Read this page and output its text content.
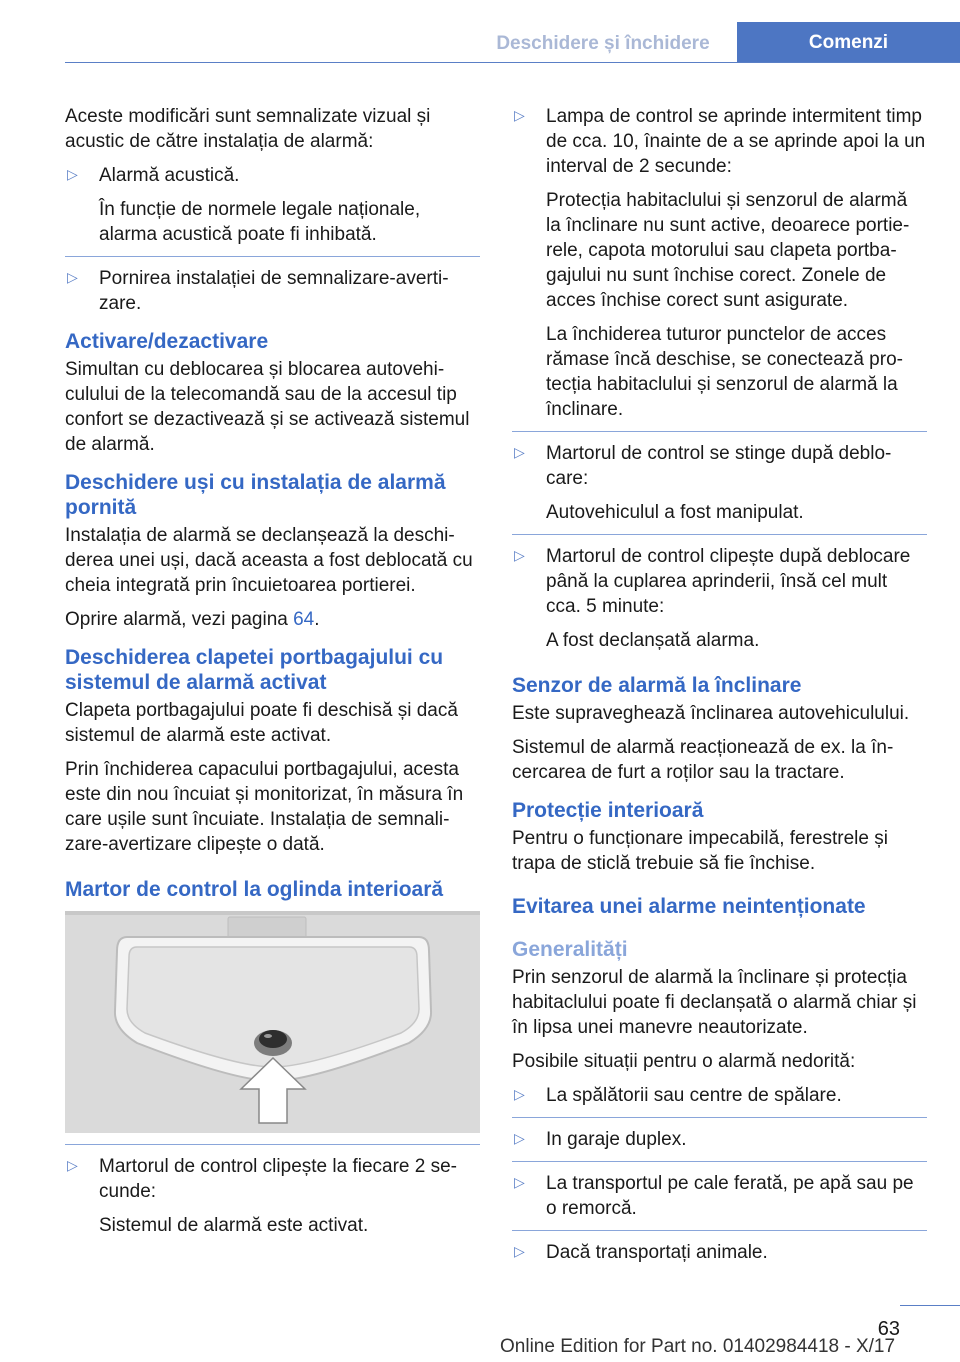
Deschidere și închidere	Comenzi

Aceste modificări sunt semnalizate vizual și acustic de către instalația de alarmă:

▷ Alarmă acustică.

În funcție de normele legale naționale, alarma acustică poate fi inhibată.

▷ Pornirea instalației de semnalizare-avertizare.

Activare/dezactivare

Simultan cu deblocarea și blocarea autovehiculului de la telecomandă sau de la accesul tip confort se dezactivează și se activează sistemul de alarmă.

Deschidere uși cu instalația de alarmă pornită

Instalația de alarmă se declanșează la deschiderea unei uși, dacă aceasta a fost deblocată cu cheia integrată prin încuietoarea portierei.

Oprire alarmă, vezi pagina 64.

Deschiderea clapetei portbagajului cu sistemul de alarmă activat

Clapeta portbagajului poate fi deschisă și dacă sistemul de alarmă este activat.

Prin închiderea capacului portbagajului, acesta este din nou încuiat și monitorizat, în măsura în care ușile sunt încuiate. Instalația de semnalizare-avertizare clipește o dată.

Martor de control la oglinda interioară
▷ Martorul de control clipește la fiecare 2 secunde:

Sistemul de alarmă este activat.

▷ Lampa de control se aprinde intermitent timp de cca. 10, înainte de a se aprinde apoi la un interval de 2 secunde:

Protecția habitaclului și senzorul de alarmă la înclinare nu sunt active, deoarece portierele, capota motorului sau clapeta portbagajului nu sunt închise corect. Zonele de acces închise corect sunt asigurate.

La închiderea tuturor punctelor de acces rămase încă deschise, se conectează protecția habitaclului și senzorul de alarmă la înclinare.

▷ Martorul de control se stinge după deblocare:

Autovehiculul a fost manipulat.

▷ Martorul de control clipește după deblocare până la cuplarea aprinderii, însă cel mult cca. 5 minute:

A fost declanșată alarma.

Senzor de alarmă la înclinare

Este supraveghează înclinarea autovehiculului.

Sistemul de alarmă reacționează de ex. la încercarea de furt a roților sau la tractare.

Protecție interioară

Pentru o funcționare impecabilă, ferestrele și trapa de sticlă trebuie să fie închise.

Evitarea unei alarme neintenționate
Generalități

Prin senzorul de alarmă la înclinare și protecția habitaclului poate fi declanșată o alarmă chiar și în lipsa unei manevre neautorizate.

Posibile situații pentru o alarmă nedorită:

▷ La spălătorii sau centre de spălare.

▷ In garaje duplex.

▷ La transportul pe cale ferată, pe apă sau pe o remorcă.

▷ Dacă transportați animale.

63
Online Edition for Part no. 01402984418 - X/17
